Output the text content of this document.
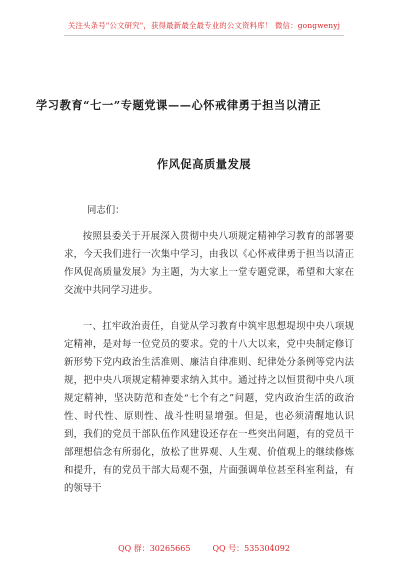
关注头条号"公文研究"，获得最新最全最专业的公文资料库！ 微信：gongwenyj
学习教育“七一”专题党课——心怀戒律勇于担当以清正
作风促高质量发展
同志们：

按照县委关于开展深入贯彻中央八项规定精神学习教育的部署要求，今天我们进行一次集中学习，由我以《心怀戒律勇于担当以清正作风促高质量发展》为主题，为大家上一堂专题党课，希望和大家在交流中共同学习进步。

一、扛牢政治责任，自觉从学习教育中筑牢思想堤坝中央八项规定精神，是对每一位党员的要求。党的十八大以来，党中央制定修订新形势下党内政治生活准则、廉洁自律准则、纪律处分条例等党内法规，把中央八项规定精神要求纳入其中。通过持之以恒贯彻中央八项规定精神，坚决防范和查处“七个有之”问题，党内政治生活的政治性、时代性、原则性、战斗性明显增强。但是，也必须清醒地认识到，我们的党员干部队伍作风建设还存在一些突出问题，有的党员干部理想信念有所弱化，放松了世界观、人生观、价值观上的继续修炼和提升，有的党员干部大局观不强，片面强调单位甚至科室利益，有的领导干

QQ 群：30265665	QQ 号：535304092
